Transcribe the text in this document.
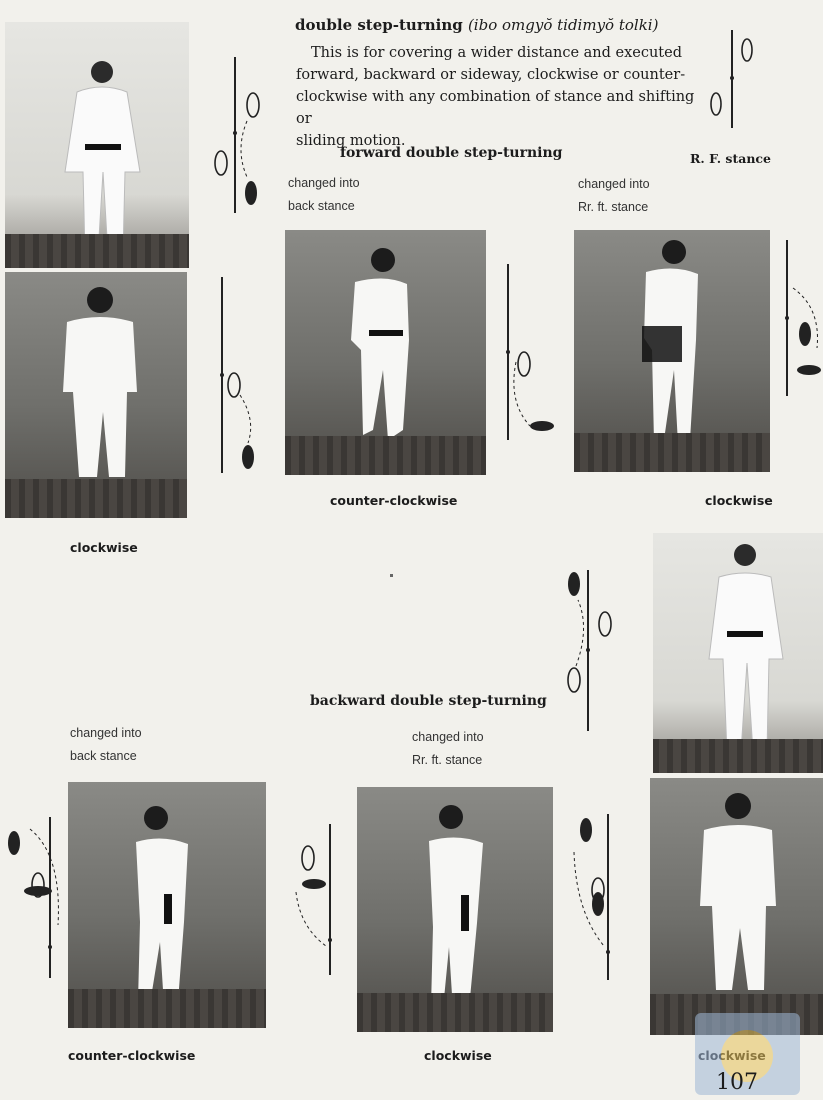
double step-turning (ibo omgyŏ tidimyŏ tolki)
This is for covering a wider distance and executed
forward, backward or sideway, clockwise or counter-
clockwise with any combination of stance and shifting or
sliding motion.
R. F. stance
clockwise
forward double step-turning
changed into
back stance
changed into
Rr. ft. stance
counter-clockwise	clockwise
backward double step-turning
changed into
back stance
changed into
Rr. ft. stance
counter-clockwise	clockwise
107
